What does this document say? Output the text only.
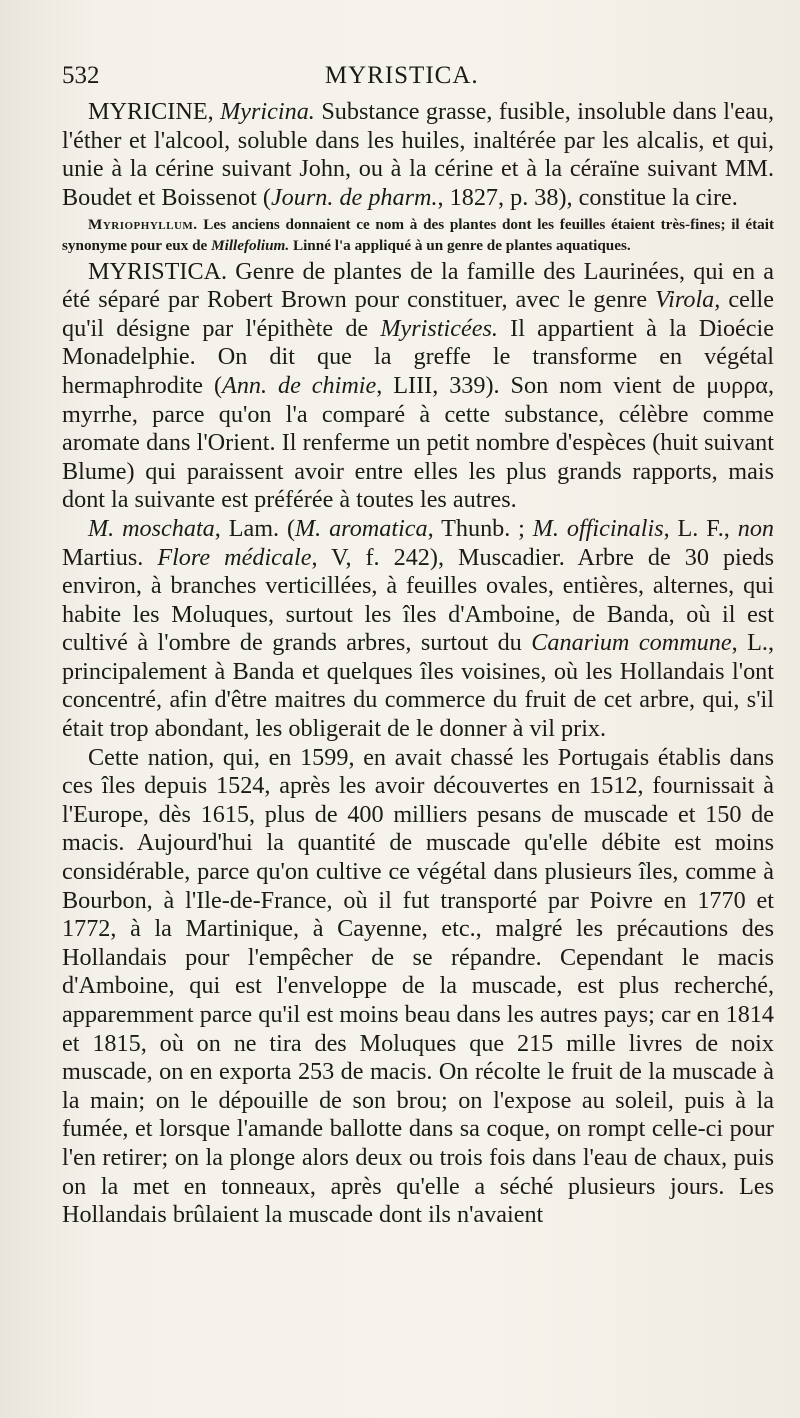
532	MYRISTICA.

MYRICINE, Myricina. Substance grasse, fusible, insoluble dans l'eau, l'éther et l'alcool, soluble dans les huiles, inaltérée par les alcalis, et qui, unie à la cérine suivant John, ou à la cérine et à la céraïne suivant MM. Boudet et Boissenot (Journ. de pharm., 1827, p. 38), constitue la cire.

Myriophyllum. Les anciens donnaient ce nom à des plantes dont les feuilles étaient très-fines; il était synonyme pour eux de Millefolium. Linné l'a appliqué à un genre de plantes aquatiques.

MYRISTICA. Genre de plantes de la famille des Laurinées, qui en a été séparé par Robert Brown pour constituer, avec le genre Virola, celle qu'il désigne par l'épithète de Myristicées. Il appartient à la Dioécie Monadelphie. On dit que la greffe le transforme en végétal hermaphrodite (Ann. de chimie, LIII, 339). Son nom vient de μυρρα, myrrhe, parce qu'on l'a comparé à cette substance, célèbre comme aromate dans l'Orient. Il renferme un petit nombre d'espèces (huit suivant Blume) qui paraissent avoir entre elles les plus grands rapports, mais dont la suivante est préférée à toutes les autres.

M. moschata, Lam. (M. aromatica, Thunb. ; M. officinalis, L. F., non Martius. Flore médicale, V, f. 242), Muscadier. Arbre de 30 pieds environ, à branches verticillées, à feuilles ovales, entières, alternes, qui habite les Moluques, surtout les îles d'Amboine, de Banda, où il est cultivé à l'ombre de grands arbres, surtout du Canarium commune, L., principalement à Banda et quelques îles voisines, où les Hollandais l'ont concentré, afin d'être maitres du commerce du fruit de cet arbre, qui, s'il était trop abondant, les obligerait de le donner à vil prix.

Cette nation, qui, en 1599, en avait chassé les Portugais établis dans ces îles depuis 1524, après les avoir découvertes en 1512, fournissait à l'Europe, dès 1615, plus de 400 milliers pesans de muscade et 150 de macis. Aujourd'hui la quantité de muscade qu'elle débite est moins considérable, parce qu'on cultive ce végétal dans plusieurs îles, comme à Bourbon, à l'Ile-de-France, où il fut transporté par Poivre en 1770 et 1772, à la Martinique, à Cayenne, etc., malgré les précautions des Hollandais pour l'empêcher de se répandre. Cependant le macis d'Amboine, qui est l'enveloppe de la muscade, est plus recherché, apparemment parce qu'il est moins beau dans les autres pays; car en 1814 et 1815, où on ne tira des Moluques que 215 mille livres de noix muscade, on en exporta 253 de macis. On récolte le fruit de la muscade à la main; on le dépouille de son brou; on l'expose au soleil, puis à la fumée, et lorsque l'amande ballotte dans sa coque, on rompt celle-ci pour l'en retirer; on la plonge alors deux ou trois fois dans l'eau de chaux, puis on la met en tonneaux, après qu'elle a séché plusieurs jours. Les Hollandais brûlaient la muscade dont ils n'avaient
